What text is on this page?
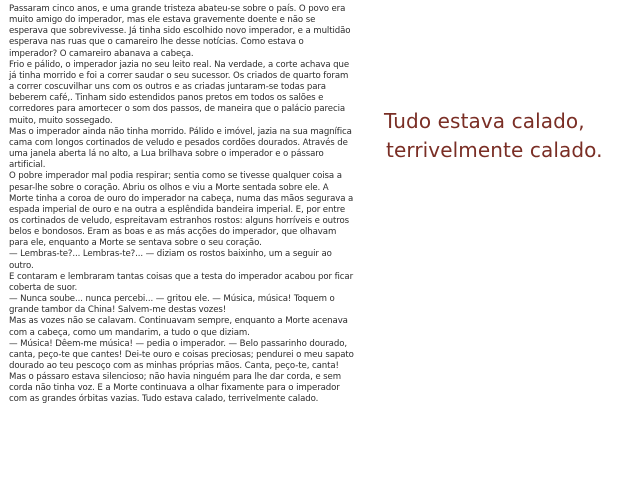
Passaram cinco anos, e uma grande tristeza abateu-se sobre o país. O povo era muito amigo do imperador, mas ele estava gravemente doente e não se esperava que sobrevivesse. Já tinha sido escolhido novo imperador, e a multidão esperava nas ruas que o camareiro lhe desse notícias. Como estava o imperador? O camareiro abanava a cabeça.
Frio e pálido, o imperador jazia no seu leito real. Na verdade, a corte achava que já tinha morrido e foi a correr saudar o seu sucessor. Os criados de quarto foram a correr coscuvilhar uns com os outros e as criadas juntaram-se todas para beberem café,. Tinham sido estendidos panos pretos em todos os salões e corredores para amortecer o som dos passos, de maneira que o palácio parecia muito, muito sossegado.
Mas o imperador ainda não tinha morrido. Pálido e imóvel, jazia na sua magnífica cama com longos cortinados de veludo e pesados cordões dourados. Através de uma janela aberta lá no alto, a Lua brilhava sobre o imperador e o pássaro artificial.
O pobre imperador mal podia respirar; sentia como se tivesse qualquer coisa a pesar-lhe sobre o coração. Abriu os olhos e viu a Morte sentada sobre ele. A Morte tinha a coroa de ouro do imperador na cabeça, numa das mãos segurava a espada imperial de ouro e na outra a esplêndida bandeira imperial. E, por entre os cortinados de veludo, espreitavam estranhos rostos: alguns horríveis e outros belos e bondosos. Eram as boas e as más acções do imperador, que olhavam para ele, enquanto a Morte se sentava sobre o seu coração.
— Lembras-te?... Lembras-te?... — diziam os rostos baixinho, um a seguir ao outro.
E contaram e lembraram tantas coisas que a testa do imperador acabou por ficar coberta de suor.
— Nunca soube... nunca percebi... — gritou ele. — Música, música! Toquem o grande tambor da China! Salvem-me destas vozes!
Mas as vozes não se calavam. Continuavam sempre, enquanto a Morte acenava com a cabeça, como um mandarim, a tudo o que diziam.
— Música! Dêem-me música! — pedia o imperador. — Belo passarinho dourado, canta, peço-te que cantes! Dei-te ouro e coisas preciosas; pendurei o meu sapato dourado ao teu pescoço com as minhas próprias mãos. Canta, peço-te, canta!
Mas o pássaro estava silencioso; não havia ninguém para lhe dar corda, e sem corda não tinha voz. E a Morte continuava a olhar fixamente para o imperador com as grandes órbitas vazias. Tudo estava calado, terrivelmente calado.
Tudo estava calado,
terrivelmente calado.
